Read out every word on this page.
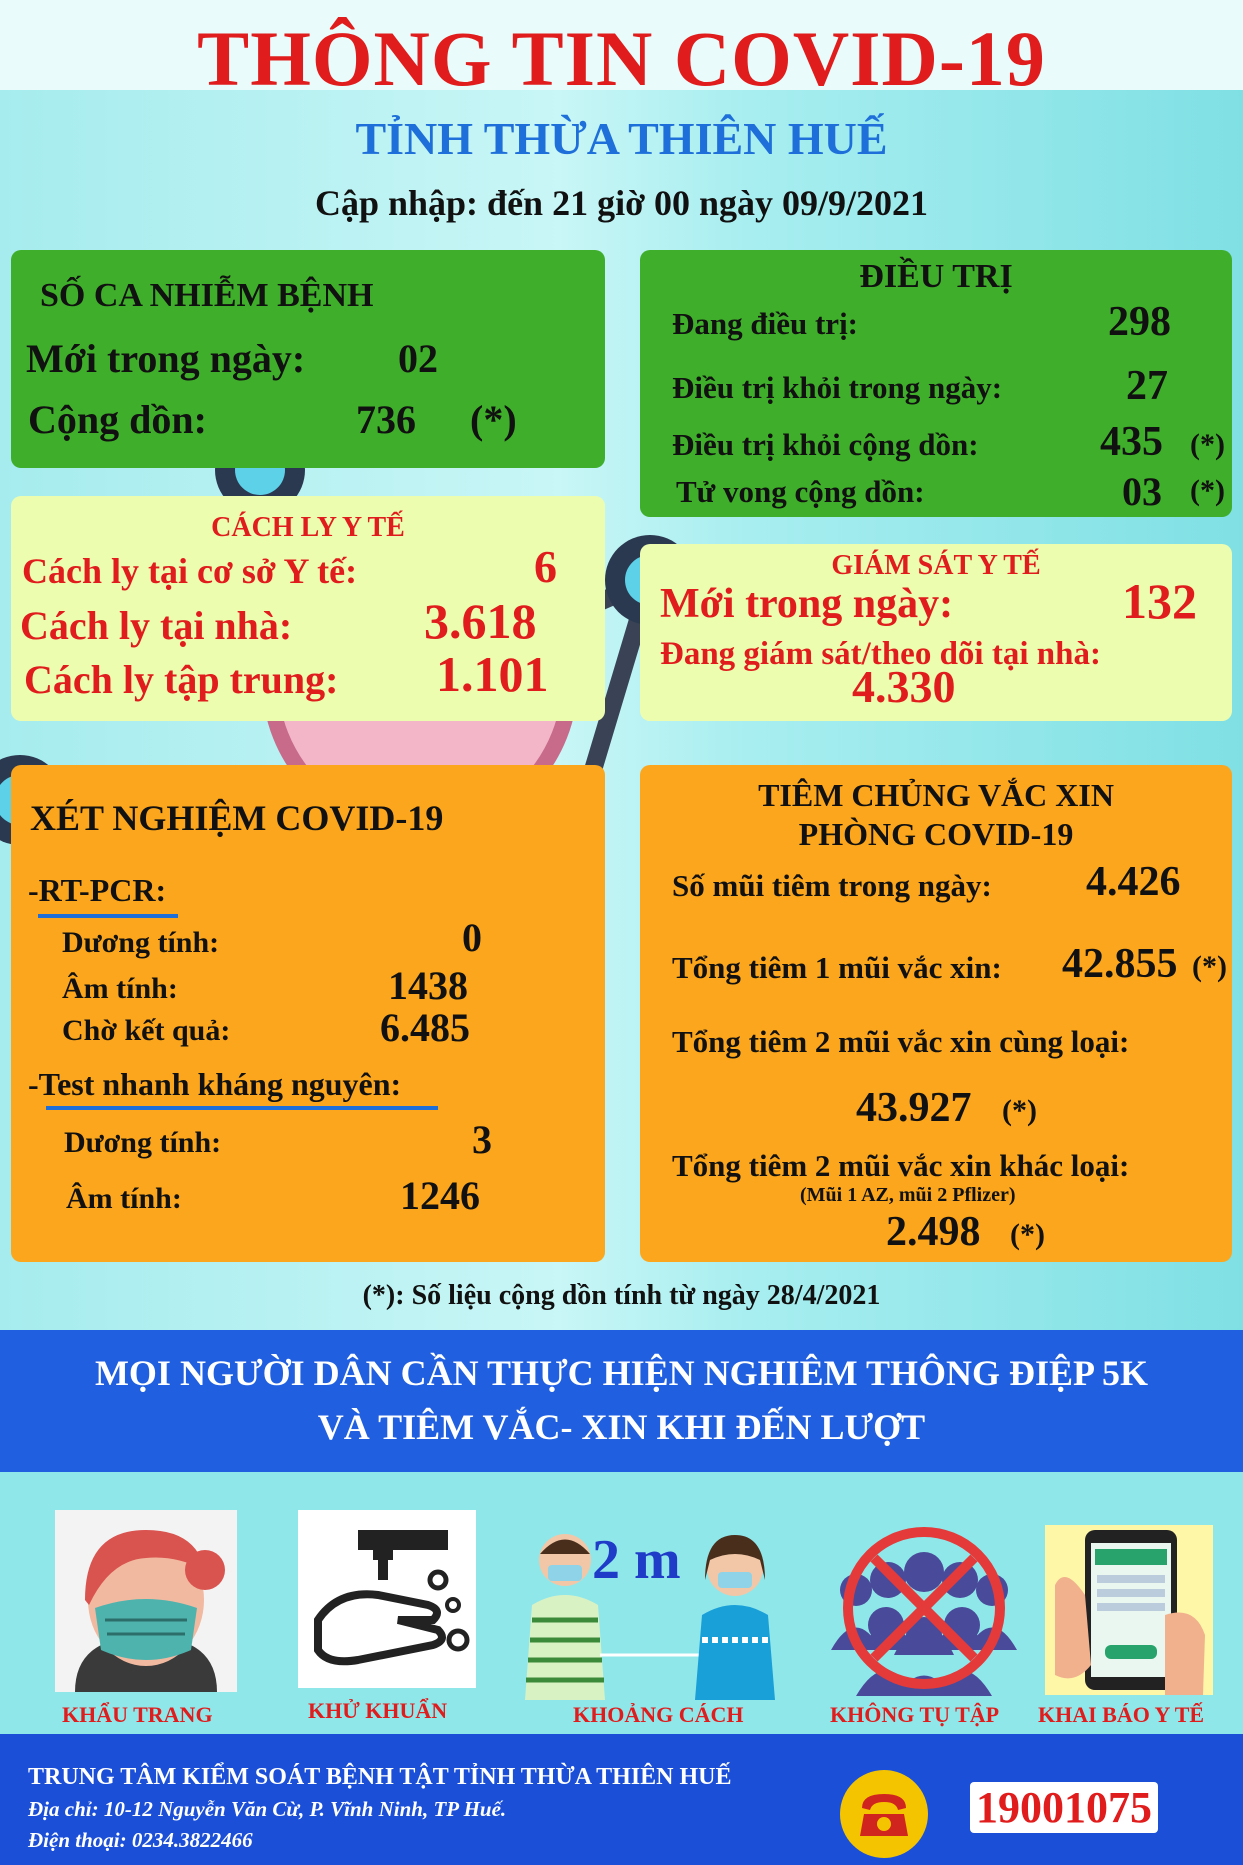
THÔNG TIN COVID-19
TỈNH THỪA THIÊN HUẾ
Cập nhập: đến 21 giờ 00 ngày 09/9/2021
SỐ CA NHIỄM BỆNH
Mới trong ngày: 02
Cộng dồn:	736 (*)
ĐIỀU TRỊ
Đang điều trị:	298
Điều trị khỏi trong ngày:	27
Điều trị khỏi cộng dồn:	435 (*)
Tử vong cộng dồn:	03 (*)
CÁCH LY Y TẾ
Cách ly tại cơ sở Y tế:	6
Cách ly tại nhà:	3.618
Cách ly tập trung: 1.101
GIÁM SÁT Y TẾ
Mới trong ngày:	132
Đang giám sát/theo dõi tại nhà:
4.330
XÉT NGHIỆM COVID-19
-RT-PCR:
Dương tính:	0
Âm tính:	1438
Chờ kết quả:	6.485
-Test nhanh kháng nguyên:
Dương tính:	3
Âm tính:	1246
TIÊM CHỦNG VẮC XIN
PHÒNG COVID-19
Số mũi tiêm trong ngày: 4.426
Tổng tiêm 1 mũi vắc xin: 42.855 (*)
Tổng tiêm 2 mũi vắc xin cùng loại:
43.927 (*)
Tổng tiêm 2 mũi vắc xin khác loại:
(Mũi 1 AZ, mũi 2 Pflizer)
2.498 (*)
(*): Số liệu cộng dồn tính từ ngày 28/4/2021
MỌI NGƯỜI DÂN CẦN THỰC HIỆN NGHIÊM THÔNG ĐIỆP 5K
VÀ TIÊM VẮC- XIN KHI ĐẾN LƯỢT
KHẨU TRANG	KHỬ KHUẨN
2 m
KHOẢNG CÁCH	KHÔNG TỤ TẬP KHAI BÁO Y TẾ
TRUNG TÂM KIỂM SOÁT BỆNH TẬT TỈNH THỪA THIÊN HUẾ
Địa chỉ: 10-12 Nguyễn Văn Cừ, P. Vĩnh Ninh, TP Huế.
Điện thoại: 0234.3822466
19001075
